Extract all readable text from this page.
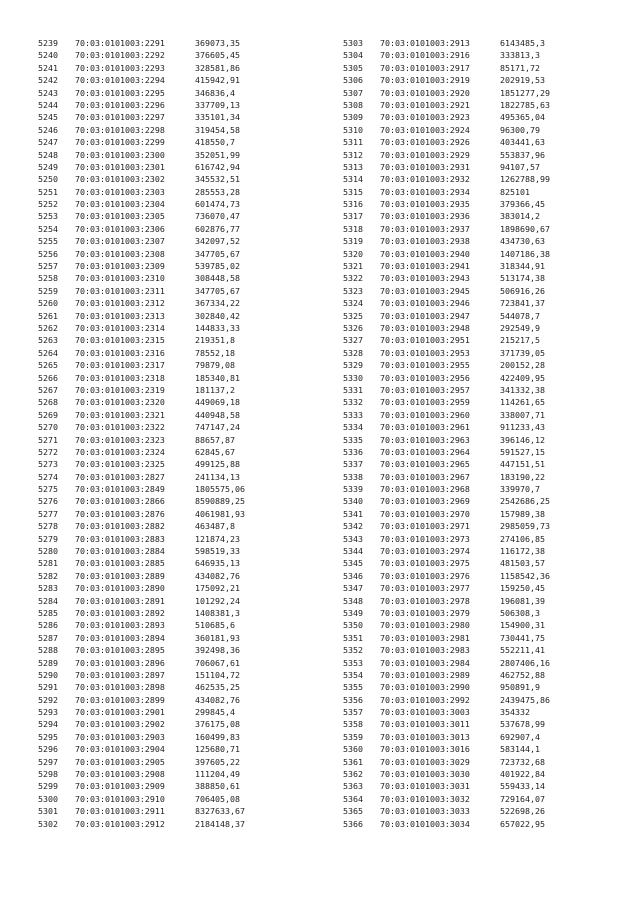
5239 70:03:0101003:2291	369073,35
5240 70:03:0101003:2292	376605,45
5241 70:03:0101003:2293	328581,86
5242 70:03:0101003:2294	415942,91
5243 70:03:0101003:2295	346836,4
5244 70:03:0101003:2296	337709,13
5245 70:03:0101003:2297	335101,34
5246 70:03:0101003:2298	319454,58
5247 70:03:0101003:2299	418550,7
5248 70:03:0101003:2300	352051,99
5249 70:03:0101003:2301	616742,94
5250 70:03:0101003:2302	345532,51
5251 70:03:0101003:2303	285553,28
5252 70:03:0101003:2304	601474,73
5253 70:03:0101003:2305	736070,47
5254 70:03:0101003:2306	602876,77
5255 70:03:0101003:2307	342097,52
5256 70:03:0101003:2308	347705,67
5257 70:03:0101003:2309	539785,02
5258 70:03:0101003:2310	308448,58
5259 70:03:0101003:2311	347705,67
5260 70:03:0101003:2312	367334,22
5261 70:03:0101003:2313	302840,42
5262 70:03:0101003:2314	144833,33
5263 70:03:0101003:2315	219351,8
5264 70:03:0101003:2316	78552,18
5265 70:03:0101003:2317	79879,08
5266 70:03:0101003:2318	185340,81
5267 70:03:0101003:2319	181137,2
5268 70:03:0101003:2320	449069,18
5269 70:03:0101003:2321	440948,58
5270 70:03:0101003:2322	747147,24
5271 70:03:0101003:2323	88657,87
5272 70:03:0101003:2324	62845,67
5273 70:03:0101003:2325	499125,88
5274 70:03:0101003:2827	241134,13
5275 70:03:0101003:2849	1805575,06
5276 70:03:0101003:2866	8590889,25
5277 70:03:0101003:2876	4061981,93
5278 70:03:0101003:2882	463487,8
5279 70:03:0101003:2883	121874,23
5280 70:03:0101003:2884	598519,33
5281 70:03:0101003:2885	646935,13
5282 70:03:0101003:2889	434082,76
5283 70:03:0101003:2890	175092,21
5284 70:03:0101003:2891	101292,24
5285 70:03:0101003:2892	1408381,3
5286 70:03:0101003:2893	510685,6
5287 70:03:0101003:2894	360181,93
5288 70:03:0101003:2895	392498,36
5289 70:03:0101003:2896	706067,61
5290 70:03:0101003:2897	151104,72
5291 70:03:0101003:2898	462535,25
5292 70:03:0101003:2899	434082,76
5293 70:03:0101003:2901	299845,4
5294 70:03:0101003:2902	376175,08
5295 70:03:0101003:2903	160499,83
5296 70:03:0101003:2904	125680,71
5297 70:03:0101003:2905	397605,22
5298 70:03:0101003:2908	111204,49
5299 70:03:0101003:2909	388850,61
5300 70:03:0101003:2910	706405,08
5301 70:03:0101003:2911	8327633,67
5302 70:03:0101003:2912	2184148,37
5303 70:03:0101003:2913	6143485,3
5304 70:03:0101003:2916	333813,3
5305 70:03:0101003:2917	85171,72
5306 70:03:0101003:2919	202919,53
5307 70:03:0101003:2920	1851277,29
5308 70:03:0101003:2921	1822785,63
5309 70:03:0101003:2923	495365,04
5310 70:03:0101003:2924	96300,79
5311 70:03:0101003:2926	403441,63
5312 70:03:0101003:2929	553837,96
5313 70:03:0101003:2931	94107,57
5314 70:03:0101003:2932	1262788,99
5315 70:03:0101003:2934	825101
5316 70:03:0101003:2935	379366,45
5317 70:03:0101003:2936	383014,2
5318 70:03:0101003:2937	1898690,67
5319 70:03:0101003:2938	434730,63
5320 70:03:0101003:2940	1407186,38
5321 70:03:0101003:2941	318344,91
5322 70:03:0101003:2943	513174,38
5323 70:03:0101003:2945	506916,26
5324 70:03:0101003:2946	723841,37
5325 70:03:0101003:2947	544078,7
5326 70:03:0101003:2948	292549,9
5327 70:03:0101003:2951	215217,5
5328 70:03:0101003:2953	371739,05
5329 70:03:0101003:2955	200152,28
5330 70:03:0101003:2956	422409,95
5331 70:03:0101003:2957	341332,38
5332 70:03:0101003:2959	114261,65
5333 70:03:0101003:2960	338007,71
5334 70:03:0101003:2961	911233,43
5335 70:03:0101003:2963	396146,12
5336 70:03:0101003:2964	591527,15
5337 70:03:0101003:2965	447151,51
5338 70:03:0101003:2967	183190,22
5339 70:03:0101003:2968	339970,7
5340 70:03:0101003:2969	2542686,25
5341 70:03:0101003:2970	157989,38
5342 70:03:0101003:2971	2985059,73
5343 70:03:0101003:2973	274106,85
5344 70:03:0101003:2974	116172,38
5345 70:03:0101003:2975	481503,57
5346 70:03:0101003:2976	1158542,36
5347 70:03:0101003:2977	159250,45
5348 70:03:0101003:2978	196081,39
5349 70:03:0101003:2979	506308,3
5350 70:03:0101003:2980	154900,31
5351 70:03:0101003:2981	730441,75
5352 70:03:0101003:2983	552211,41
5353 70:03:0101003:2984	2807406,16
5354 70:03:0101003:2989	462752,88
5355 70:03:0101003:2990	950891,9
5356 70:03:0101003:2992	2439475,86
5357 70:03:0101003:3003	354332
5358 70:03:0101003:3011	537678,99
5359 70:03:0101003:3013	692907,4
5360 70:03:0101003:3016	583144,1
5361 70:03:0101003:3029	723732,68
5362 70:03:0101003:3030	401922,84
5363 70:03:0101003:3031	559433,14
5364 70:03:0101003:3032	729164,07
5365 70:03:0101003:3033	522698,26
5366 70:03:0101003:3034	657022,95
